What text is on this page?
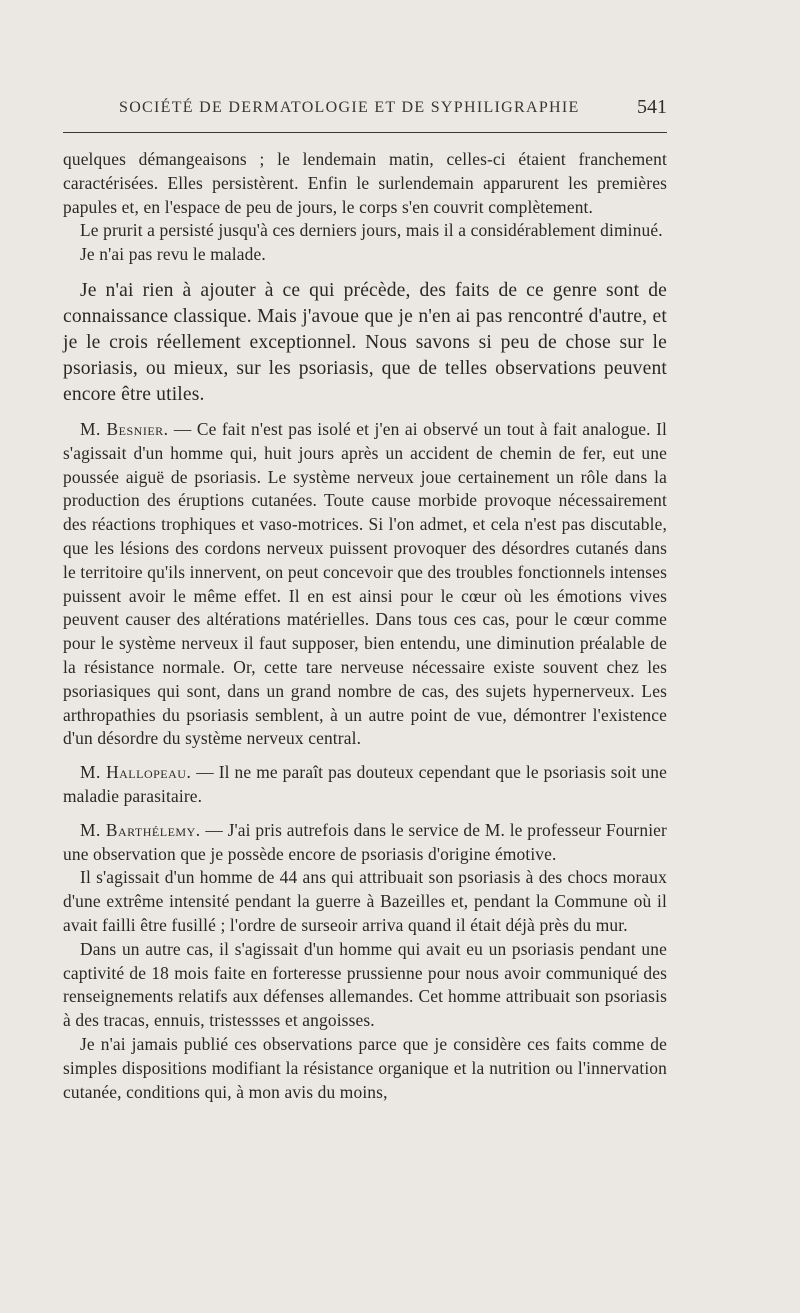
SOCIÉTÉ DE DERMATOLOGIE ET DE SYPHILIGRAPHIE	541

quelques démangeaisons ; le lendemain matin, celles-ci étaient franchement caractérisées. Elles persistèrent. Enfin le surlendemain apparurent les premières papules et, en l'espace de peu de jours, le corps s'en couvrit complètement.

Le prurit a persisté jusqu'à ces derniers jours, mais il a considérablement diminué.

Je n'ai pas revu le malade.

Je n'ai rien à ajouter à ce qui précède, des faits de ce genre sont de connaissance classique. Mais j'avoue que je n'en ai pas rencontré d'autre, et je le crois réellement exceptionnel. Nous savons si peu de chose sur le psoriasis, ou mieux, sur les psoriasis, que de telles observations peuvent encore être utiles.

M. Besnier. — Ce fait n'est pas isolé et j'en ai observé un tout à fait analogue. Il s'agissait d'un homme qui, huit jours après un accident de chemin de fer, eut une poussée aiguë de psoriasis. Le système nerveux joue certainement un rôle dans la production des éruptions cutanées. Toute cause morbide provoque nécessairement des réactions trophiques et vaso-motrices. Si l'on admet, et cela n'est pas discutable, que les lésions des cordons nerveux puissent provoquer des désordres cutanés dans le territoire qu'ils innervent, on peut concevoir que des troubles fonctionnels intenses puissent avoir le même effet. Il en est ainsi pour le cœur où les émotions vives peuvent causer des altérations matérielles. Dans tous ces cas, pour le cœur comme pour le système nerveux il faut supposer, bien entendu, une diminution préalable de la résistance normale. Or, cette tare nerveuse nécessaire existe souvent chez les psoriasiques qui sont, dans un grand nombre de cas, des sujets hypernerveux. Les arthropathies du psoriasis semblent, à un autre point de vue, démontrer l'existence d'un désordre du système nerveux central.

M. Hallopeau. — Il ne me paraît pas douteux cependant que le psoriasis soit une maladie parasitaire.

M. Barthélemy. — J'ai pris autrefois dans le service de M. le professeur Fournier une observation que je possède encore de psoriasis d'origine émotive.

Il s'agissait d'un homme de 44 ans qui attribuait son psoriasis à des chocs moraux d'une extrême intensité pendant la guerre à Bazeilles et, pendant la Commune où il avait failli être fusillé ; l'ordre de surseoir arriva quand il était déjà près du mur.

Dans un autre cas, il s'agissait d'un homme qui avait eu un psoriasis pendant une captivité de 18 mois faite en forteresse prussienne pour nous avoir communiqué des renseignements relatifs aux défenses allemandes. Cet homme attribuait son psoriasis à des tracas, ennuis, tristessses et angoisses.

Je n'ai jamais publié ces observations parce que je considère ces faits comme de simples dispositions modifiant la résistance organique et la nutrition ou l'innervation cutanée, conditions qui, à mon avis du moins,
